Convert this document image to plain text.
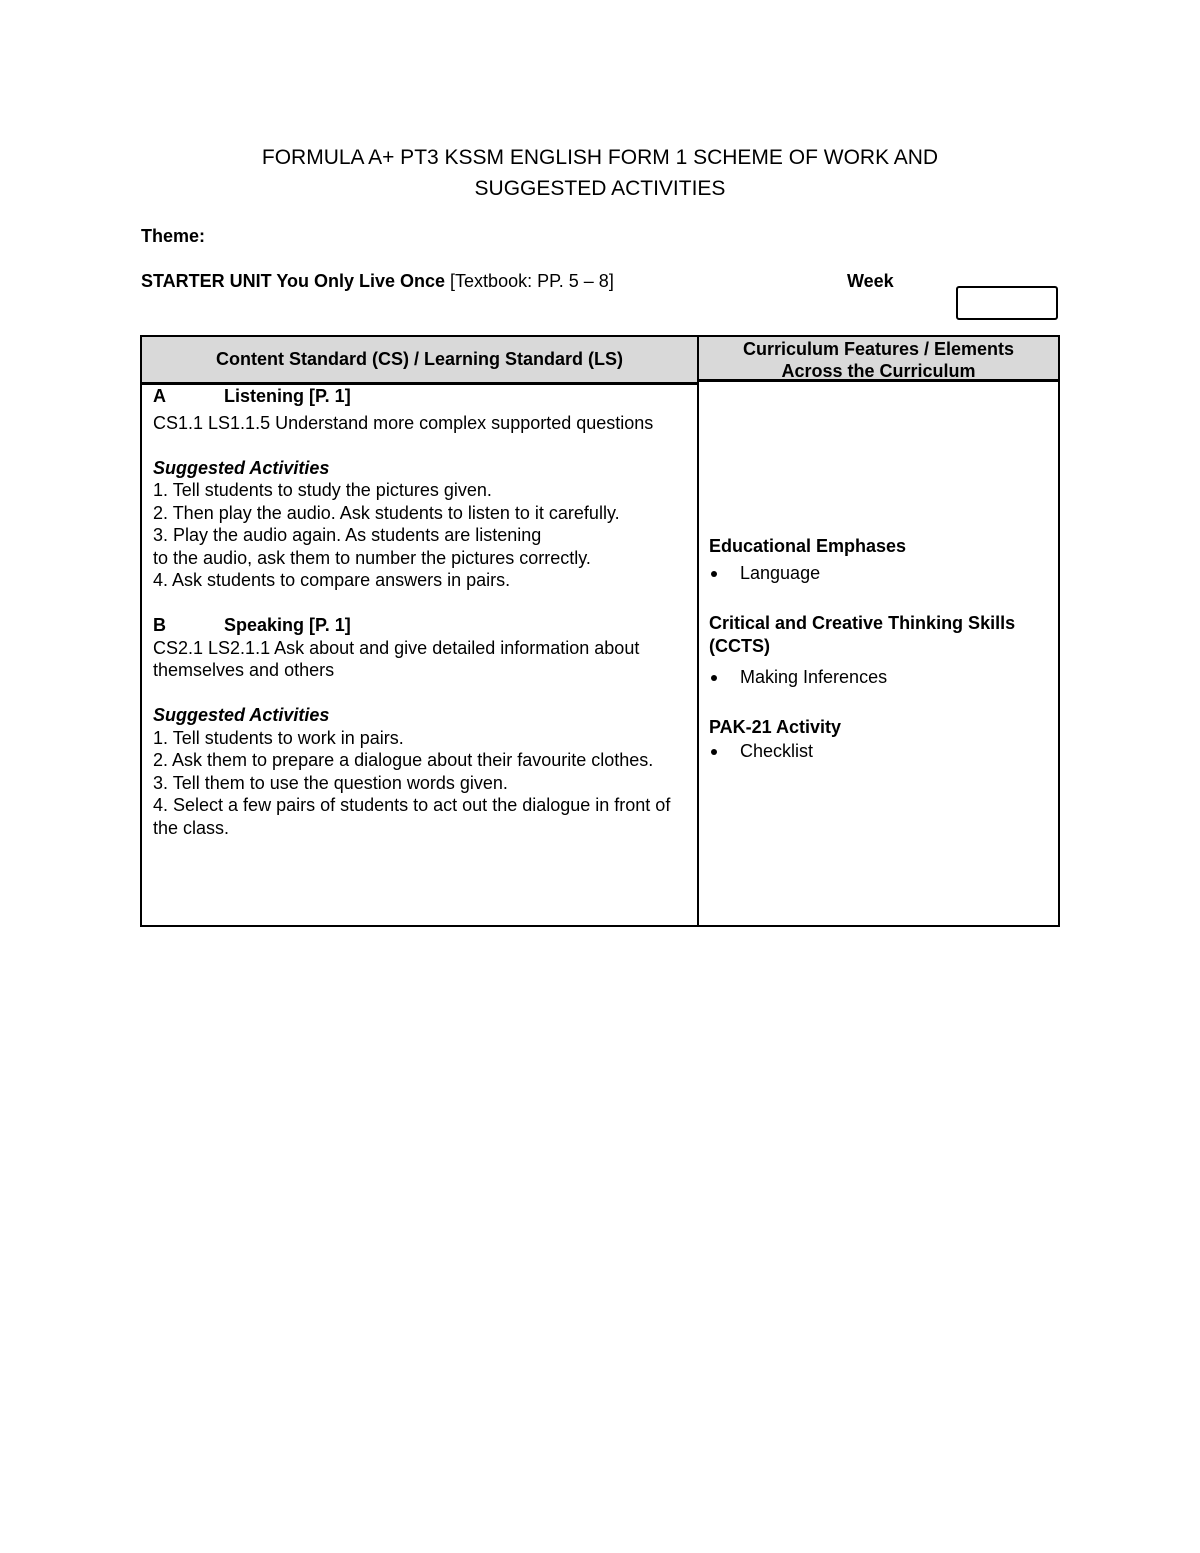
FORMULA A+ PT3 KSSM ENGLISH FORM 1 SCHEME OF WORK AND
SUGGESTED ACTIVITIES
Theme:
STARTER UNIT You Only Live Once [Textbook: PP. 5 – 8]	Week
Content Standard (CS) / Learning Standard (LS)	Curriculum Features / Elements
Across the Curriculum
A	Listening [P. 1]
CS1.1 LS1.1.5 Understand more complex supported questions
Suggested Activities
1. Tell students to study the pictures given.
2. Then play the audio. Ask students to listen to it carefully.
3. Play the audio again. As students are listening
to the audio, ask them to number the pictures correctly.
4. Ask students to compare answers in pairs.
B	Speaking [P. 1]
CS2.1 LS2.1.1 Ask about and give detailed information about themselves and others
Suggested Activities
1. Tell students to work in pairs.
2. Ask them to prepare a dialogue about their favourite clothes.
3. Tell them to use the question words given.
4. Select a few pairs of students to act out the dialogue in front of the class.
Educational Emphases
Language
Critical and Creative Thinking Skills (CCTS)
Making Inferences
PAK-21 Activity
Checklist
